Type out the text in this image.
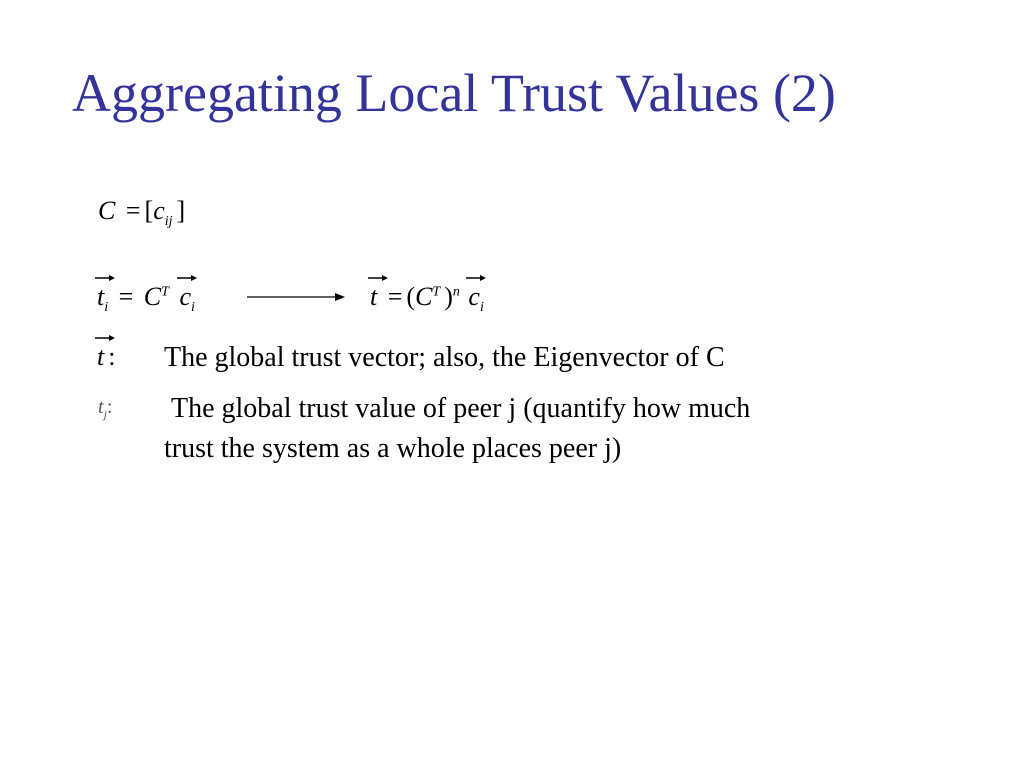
Aggregating Local Trust Values (2)
$C = [c_{ij}$ ]
$t_i = C^T$ $c_i$	$t = (C^T$ )$^n$ $c_i$
t : The global trust vector; also, the Eigenvector of C
$t_j$: The global trust value of peer j (quantify how much
trust the system as a whole places peer j)
